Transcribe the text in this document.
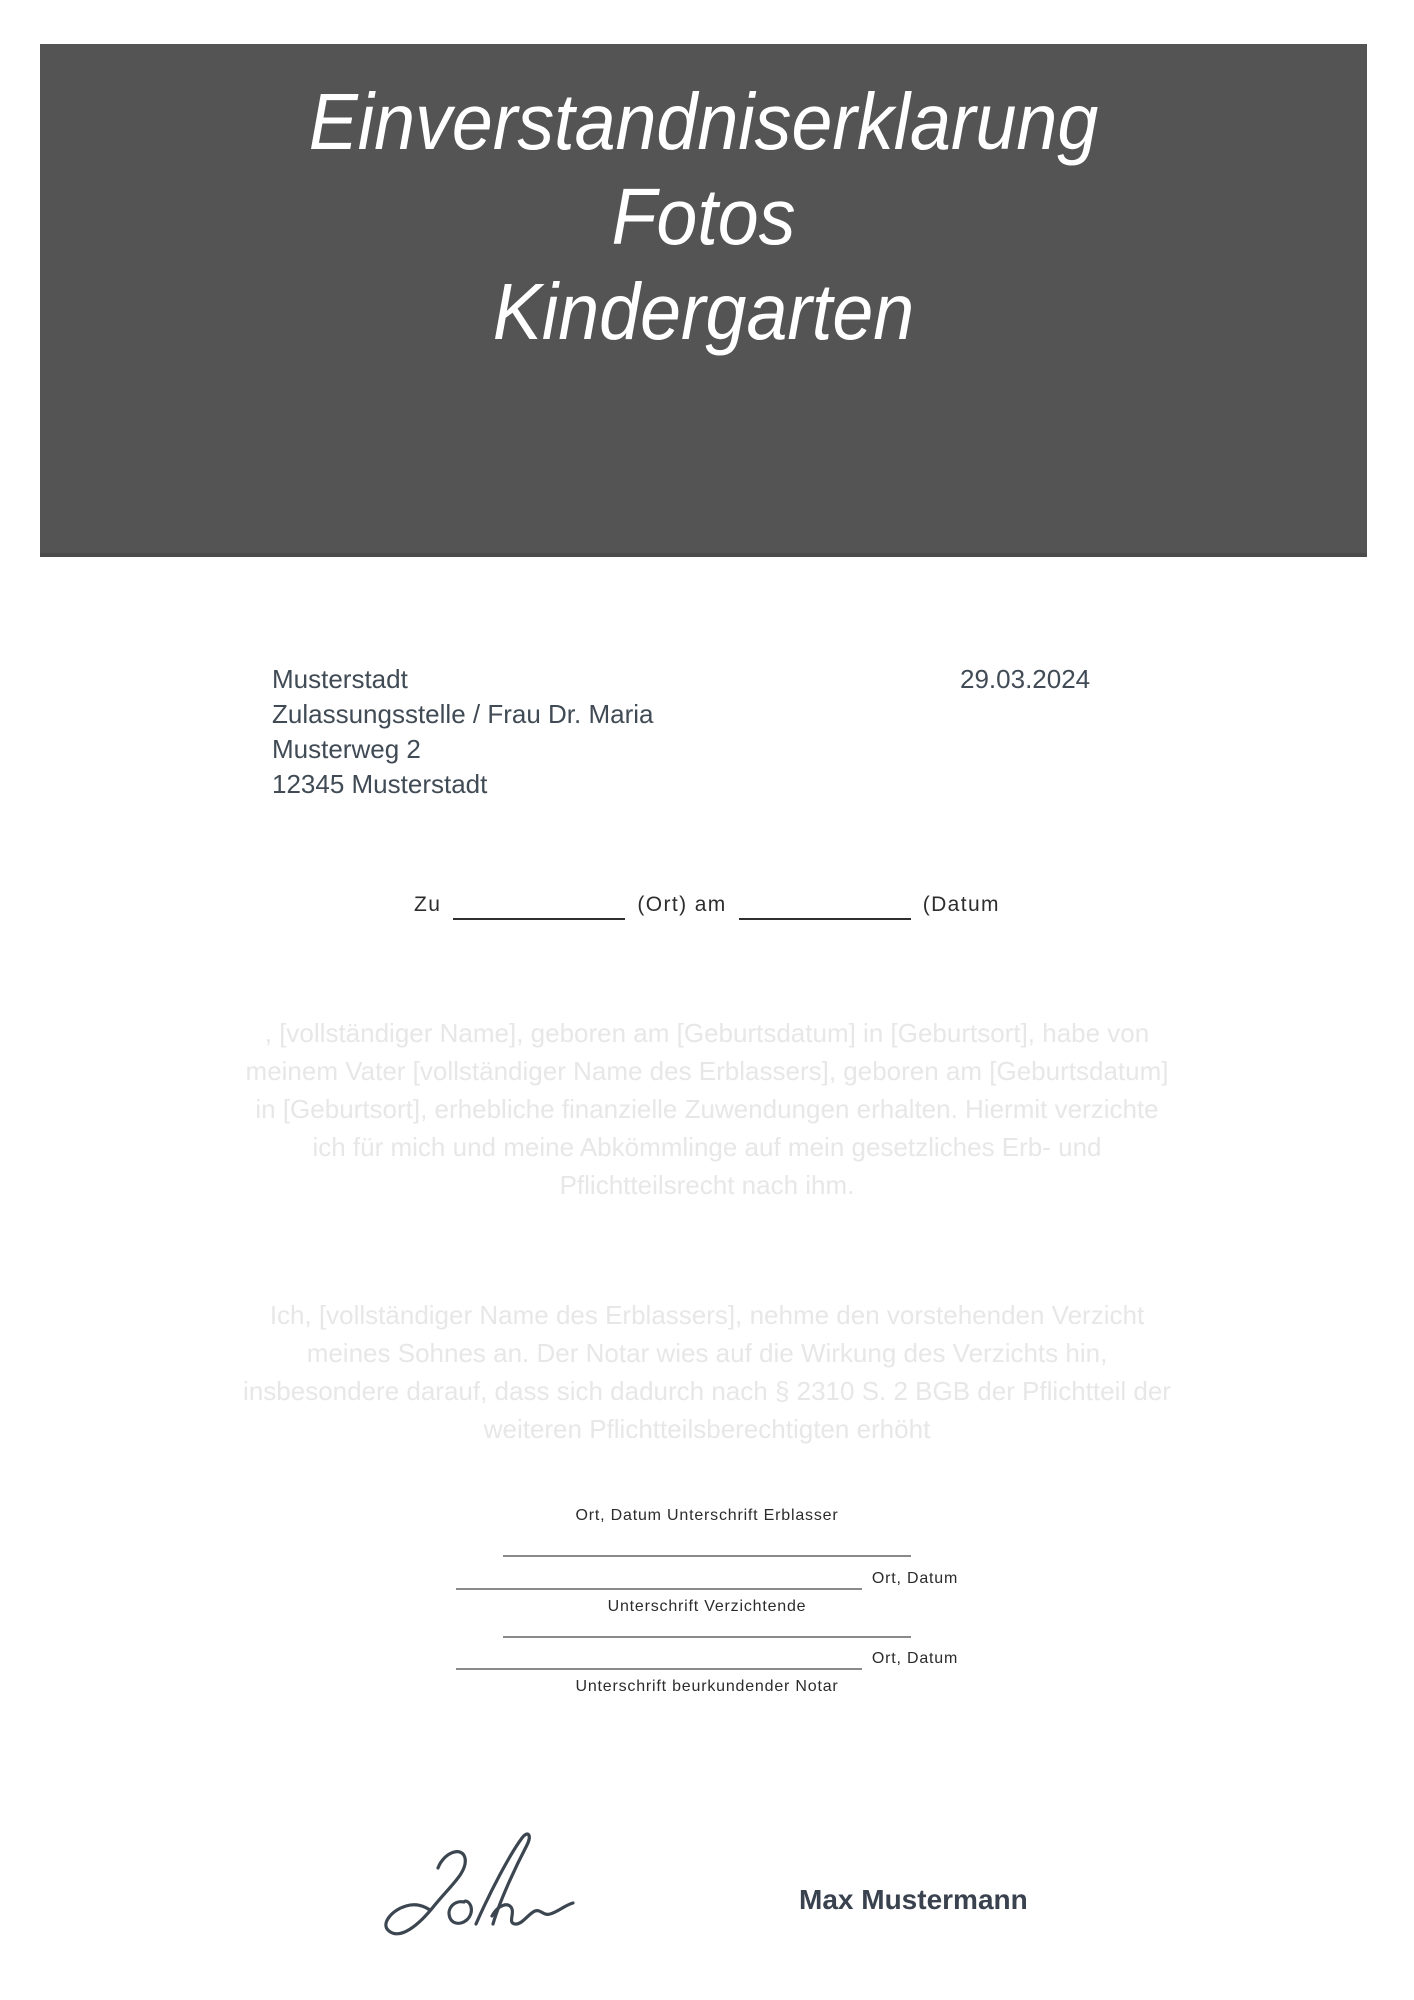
Einverstandniserklarung
Fotos
Kindergarten
Musterstadt
Zulassungsstelle / Frau Dr. Maria
Musterweg 2
12345 Musterstadt
29.03.2024
Zu	(Ort) am	(Datum
, [vollständiger Name], geboren am [Geburtsdatum] in [Geburtsort], habe von
meinem Vater [vollständiger Name des Erblassers], geboren am [Geburtsdatum]
in [Geburtsort], erhebliche finanzielle Zuwendungen erhalten. Hiermit verzichte
ich für mich und meine Abkömmlinge auf mein gesetzliches Erb- und
Pflichtteilsrecht nach ihm.
Ich, [vollständiger Name des Erblassers], nehme den vorstehenden Verzicht
meines Sohnes an. Der Notar wies auf die Wirkung des Verzichts hin,
insbesondere darauf, dass sich dadurch nach § 2310 S. 2 BGB der Pflichtteil der
weiteren Pflichtteilsberechtigten erhöht
Ort, Datum Unterschrift Erblasser
Ort, Datum
Unterschrift Verzichtende
Ort, Datum
Unterschrift beurkundender Notar
Max Mustermann
